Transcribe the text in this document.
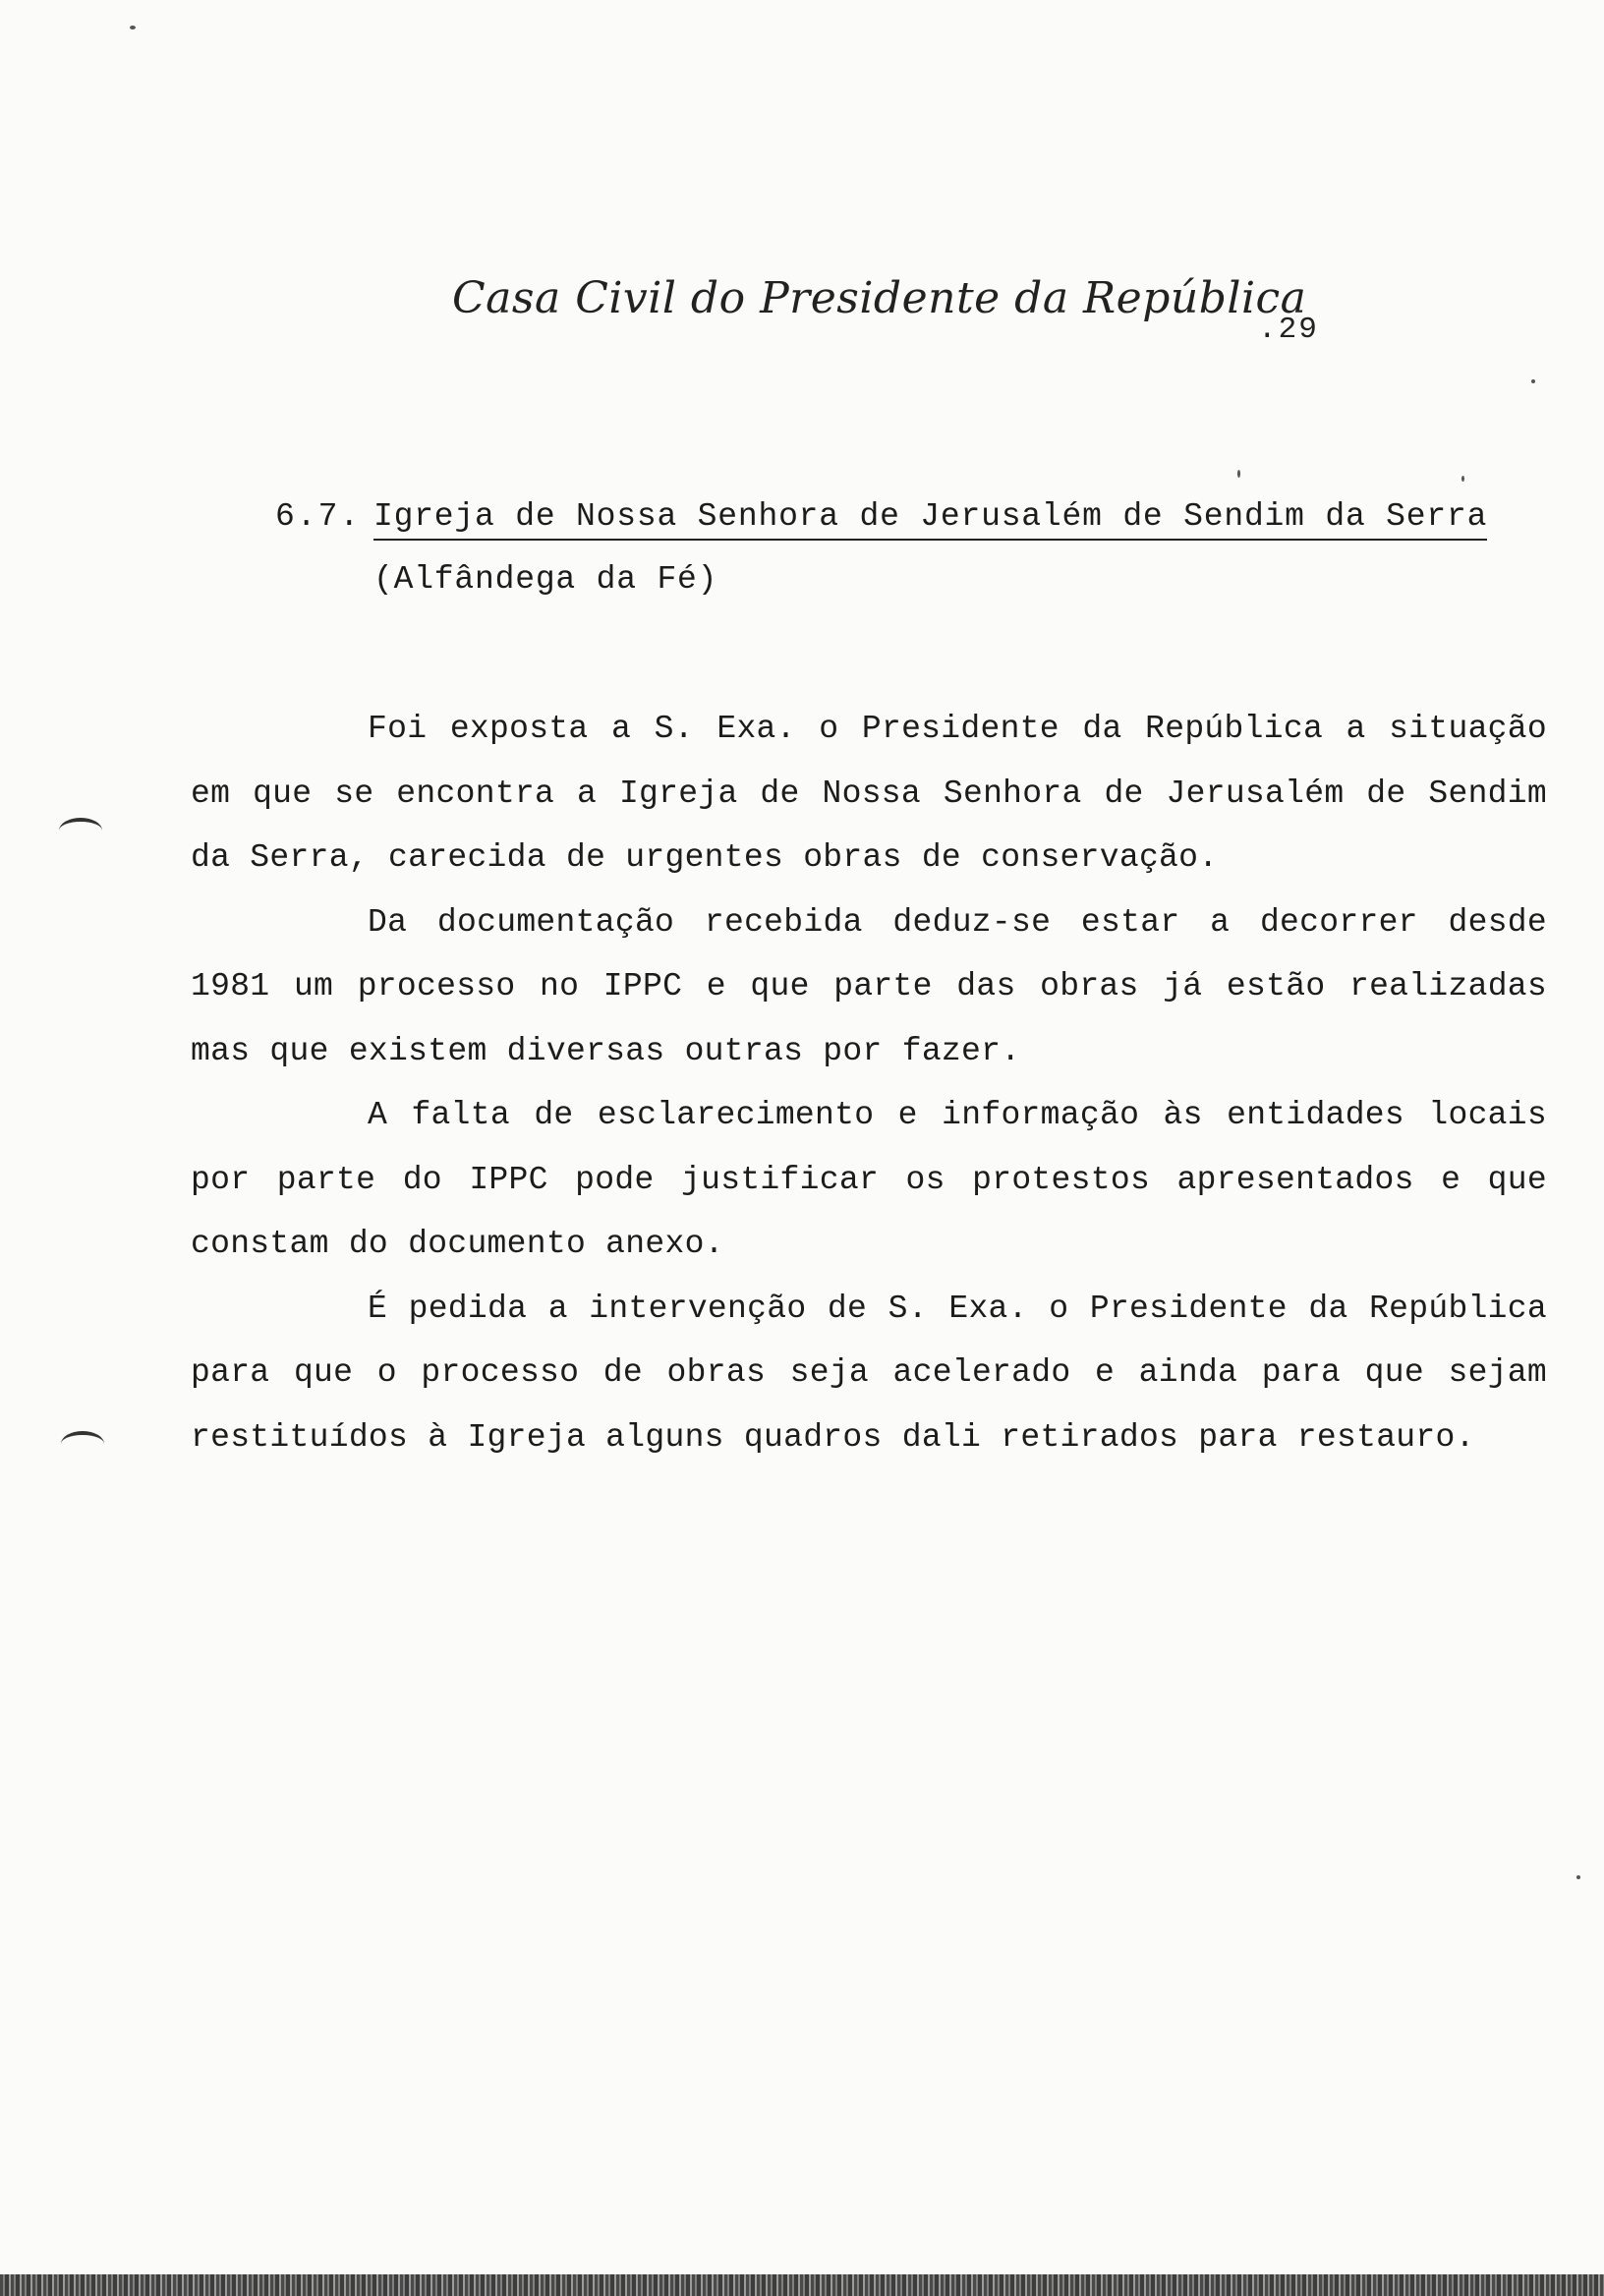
Casa Civil do Presidente da República
.29
6.7. Igreja de Nossa Senhora de Jerusalém de Sendim da Serra
(Alfândega da Fé)

Foi exposta a S. Exa. o Presidente da República a situação em que se encontra a Igreja de Nossa Senhora de Jerusalém de Sendim da Serra, carecida de urgentes obras de conservação.

Da documentação recebida deduz-se estar a decorrer desde 1981 um processo no IPPC e que parte das obras já estão realizadas mas que existem diversas outras por fazer.

A falta de esclarecimento e informação às entidades locais por parte do IPPC pode justificar os protestos apresentados e que constam do documento anexo.

É pedida a intervenção de S. Exa. o Presidente da República para que o processo de obras seja acelerado e ainda para que sejam restituídos à Igreja alguns quadros dali retirados para restauro.
